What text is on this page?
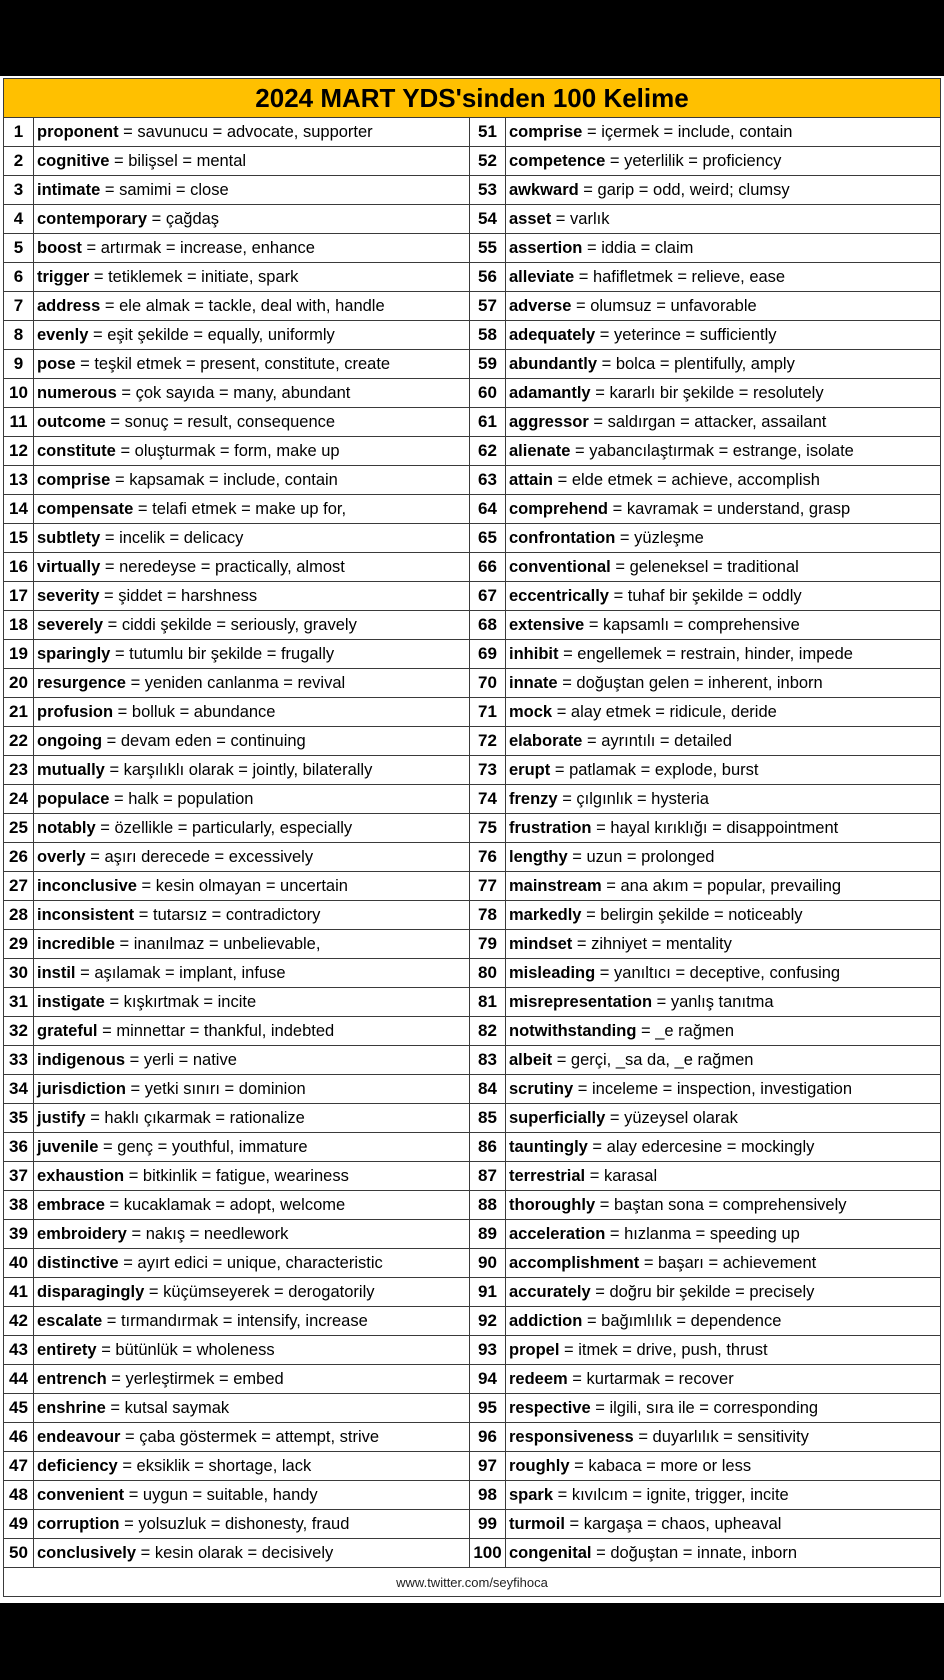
2024 MART YDS'sinden 100 Kelime			
1	proponent = savunucu = advocate, supporter	51	comprise = içermek = include, contain
2	cognitive = bilişsel = mental	52	competence = yeterlilik = proficiency
3	intimate = samimi = close	53	awkward = garip = odd, weird; clumsy
4	contemporary = çağdaş	54	asset = varlık
5	boost = artırmak = increase, enhance	55	assertion = iddia = claim
6	trigger = tetiklemek = initiate, spark	56	alleviate = hafifletmek = relieve, ease
7	address = ele almak = tackle, deal with, handle	57	adverse = olumsuz = unfavorable
8	evenly = eşit şekilde = equally, uniformly	58	adequately = yeterince = sufficiently
9	pose = teşkil etmek = present, constitute, create	59	abundantly = bolca = plentifully, amply
10	numerous = çok sayıda = many, abundant	60	adamantly = kararlı bir şekilde = resolutely
11	outcome = sonuç = result, consequence	61	aggressor = saldırgan = attacker, assailant
12	constitute = oluşturmak = form, make up	62	alienate = yabancılaştırmak = estrange, isolate
13	comprise = kapsamak = include, contain	63	attain = elde etmek = achieve, accomplish
14	compensate = telafi etmek = make up for,	64	comprehend = kavramak = understand, grasp
15	subtlety = incelik = delicacy	65	confrontation = yüzleşme
16	virtually = neredeyse = practically, almost	66	conventional = geleneksel = traditional
17	severity = şiddet = harshness	67	eccentrically = tuhaf bir şekilde = oddly
18	severely = ciddi şekilde = seriously, gravely	68	extensive = kapsamlı = comprehensive
19	sparingly = tutumlu bir şekilde = frugally	69	inhibit = engellemek = restrain, hinder, impede
20	resurgence = yeniden canlanma = revival	70	innate = doğuştan gelen = inherent, inborn
21	profusion = bolluk = abundance	71	mock = alay etmek = ridicule, deride
22	ongoing = devam eden = continuing	72	elaborate = ayrıntılı = detailed
23	mutually = karşılıklı olarak = jointly, bilaterally	73	erupt = patlamak = explode, burst
24	populace = halk = population	74	frenzy = çılgınlık = hysteria
25	notably = özellikle = particularly, especially	75	frustration = hayal kırıklığı = disappointment
26	overly = aşırı derecede = excessively	76	lengthy = uzun = prolonged
27	inconclusive = kesin olmayan = uncertain	77	mainstream = ana akım = popular, prevailing
28	inconsistent = tutarsız = contradictory	78	markedly = belirgin şekilde = noticeably
29	incredible = inanılmaz = unbelievable,	79	mindset = zihniyet = mentality
30	instil = aşılamak = implant, infuse	80	misleading = yanıltıcı = deceptive, confusing
31	instigate = kışkırtmak = incite	81	misrepresentation = yanlış tanıtma
32	grateful = minnettar = thankful, indebted	82	notwithstanding = _e rağmen
33	indigenous = yerli = native	83	albeit = gerçi, _sa da, _e rağmen
34	jurisdiction = yetki sınırı = dominion	84	scrutiny = inceleme = inspection, investigation
35	justify = haklı çıkarmak = rationalize	85	superficially = yüzeysel olarak
36	juvenile = genç = youthful, immature	86	tauntingly = alay edercesine = mockingly
37	exhaustion = bitkinlik = fatigue, weariness	87	terrestrial = karasal
38	embrace = kucaklamak = adopt, welcome	88	thoroughly = baştan sona = comprehensively
39	embroidery = nakış = needlework	89	acceleration = hızlanma = speeding up
40	distinctive = ayırt edici = unique, characteristic	90	accomplishment = başarı = achievement
41	disparagingly = küçümseyerek = derogatorily	91	accurately = doğru bir şekilde = precisely
42	escalate = tırmandırmak = intensify, increase	92	addiction = bağımlılık = dependence
43	entirety = bütünlük = wholeness	93	propel = itmek = drive, push, thrust
44	entrench = yerleştirmek = embed	94	redeem = kurtarmak = recover
45	enshrine = kutsal saymak	95	respective = ilgili, sıra ile = corresponding
46	endeavour = çaba göstermek = attempt, strive	96	responsiveness = duyarlılık = sensitivity
47	deficiency = eksiklik = shortage, lack	97	roughly = kabaca = more or less
48	convenient = uygun = suitable, handy	98	spark = kıvılcım = ignite, trigger, incite
49	corruption = yolsuzluk = dishonesty, fraud	99	turmoil = kargaşa = chaos, upheaval
50	conclusively = kesin olarak = decisively	100	congenital = doğuştan = innate, inborn
www.twitter.com/seyfihoca			
